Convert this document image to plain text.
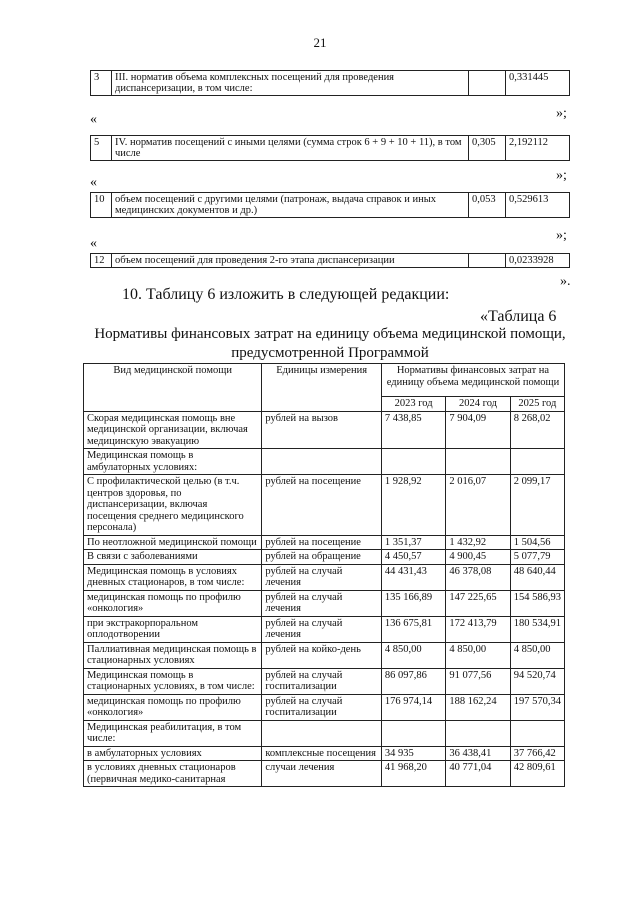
21
3	III. норматив объема комплексных посещений для проведения диспансеризации, в том числе:		0,331445
«	»;
5	IV. норматив посещений с иными целями (сумма строк 6 + 9 + 10 + 11), в том числе	0,305	2,192112
«	»;
10	объем посещений с другими целями (патронаж, выдача справок и иных медицинских документов и др.)	0,053	0,529613
«
»;
12	объем посещений для проведения 2-го этапа диспансеризации		0,0233928
».
10. Таблицу 6 изложить в следующей редакции:
«Таблица 6
Нормативы финансовых затрат на единицу объема медицинской помощи, предусмотренной Программой
Вид медицинской помощи	Единицы измерения	Нормативы финансовых затрат на единицу объема медицинской помощи		
		2023 год	2024 год	2025 год
Скорая медицинская помощь вне медицинской организации, включая медицинскую эвакуацию	рублей на вызов	7 438,85	7 904,09	8 268,02
Медицинская помощь в амбулаторных условиях:				
С профилактической целью (в т.ч. центров здоровья, по диспансеризации, включая посещения среднего медицинского персонала)	рублей на посещение	1 928,92	2 016,07	2 099,17
По неотложной медицинской помощи	рублей на посещение	1 351,37	1 432,92	1 504,56
В связи с заболеваниями	рублей на обращение	4 450,57	4 900,45	5 077,79
Медицинская помощь в условиях дневных стационаров, в том числе:	рублей на случай лечения	44 431,43	46 378,08	48 640,44
медицинская помощь по профилю «онкология»	рублей на случай лечения	135 166,89	147 225,65	154 586,93
при экстракорпоральном оплодотворении	рублей на случай лечения	136 675,81	172 413,79	180 534,91
Паллиативная медицинская помощь в стационарных условиях	рублей на койко-день	4 850,00	4 850,00	4 850,00
Медицинская помощь в стационарных условиях, в том числе:	рублей на случай госпитализации	86 097,86	91 077,56	94 520,74
медицинская помощь по профилю «онкология»	рублей на случай госпитализации	176 974,14	188 162,24	197 570,34
Медицинская реабилитация, в том числе:				
в амбулаторных условиях	комплексные посещения	34 935	36 438,41	37 766,42
в условиях дневных стационаров (первичная медико-санитарная	случаи лечения	41 968,20	40 771,04	42 809,61
